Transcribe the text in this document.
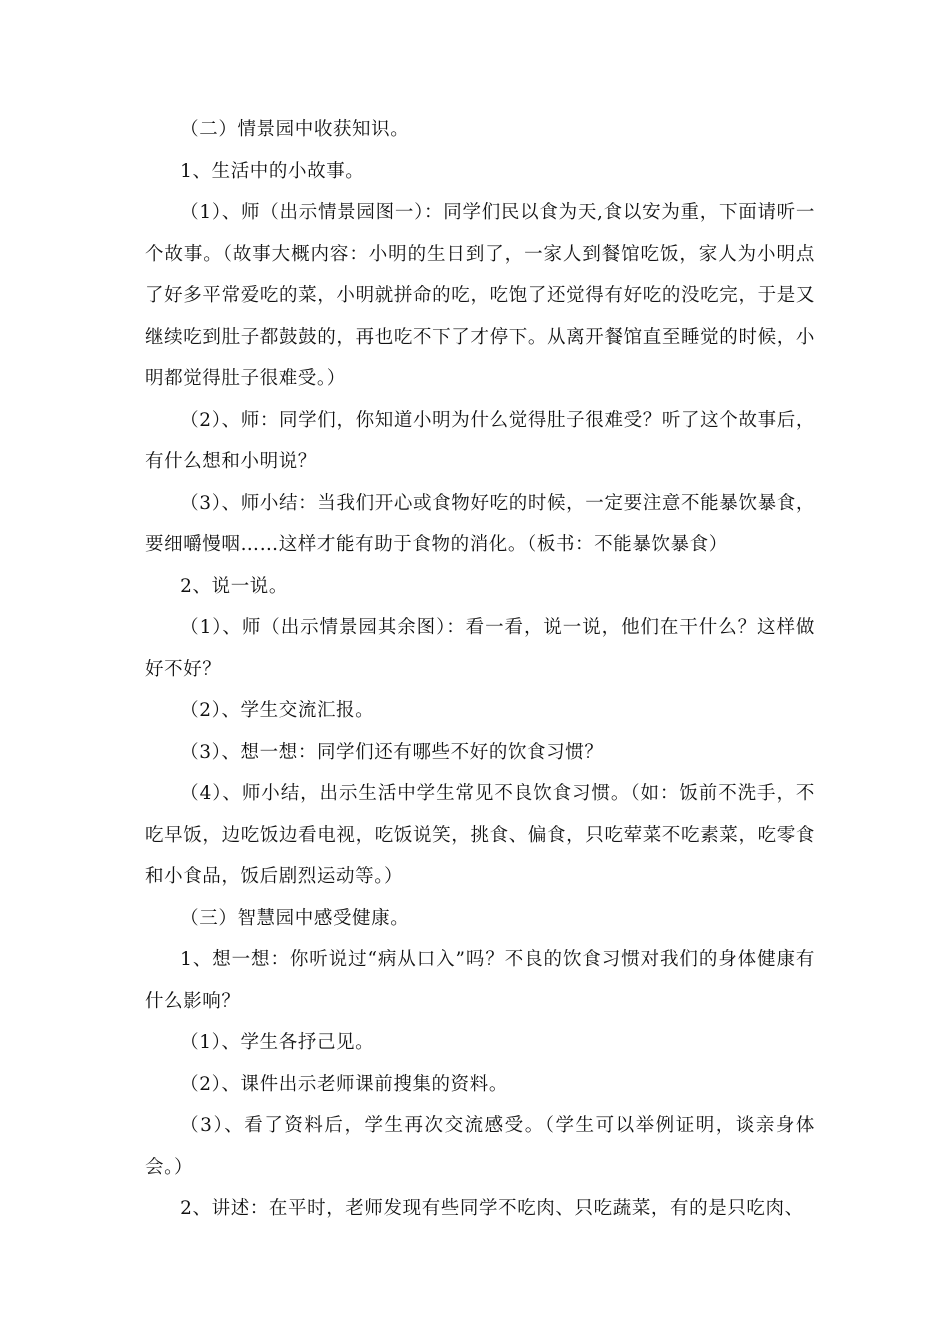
（二）情景园中收获知识。

1、生活中的小故事。

（1）、师（出示情景园图一）：同学们民以食为天,食以安为重，下面请听一个故事。（故事大概内容：小明的生日到了，一家人到餐馆吃饭，家人为小明点了好多平常爱吃的菜，小明就拼命的吃，吃饱了还觉得有好吃的没吃完，于是又继续吃到肚子都鼓鼓的，再也吃不下了才停下。从离开餐馆直至睡觉的时候，小明都觉得肚子很难受。）

（2）、师：同学们，你知道小明为什么觉得肚子很难受？听了这个故事后，有什么想和小明说？

（3）、师小结：当我们开心或食物好吃的时候，一定要注意不能暴饮暴食，要细嚼慢咽……这样才能有助于食物的消化。（板书：不能暴饮暴食）

2、说一说。

（1）、师（出示情景园其余图）：看一看，说一说，他们在干什么？这样做好不好？

（2）、学生交流汇报。

（3）、想一想：同学们还有哪些不好的饮食习惯？

（4）、师小结，出示生活中学生常见不良饮食习惯。（如：饭前不洗手，不吃早饭，边吃饭边看电视，吃饭说笑，挑食、偏食，只吃荤菜不吃素菜，吃零食和小食品，饭后剧烈运动等。）

（三）智慧园中感受健康。

1、想一想：你听说过“病从口入”吗？不良的饮食习惯对我们的身体健康有什么影响？

（1）、学生各抒己见。

（2）、课件出示老师课前搜集的资料。

（3）、看了资料后，学生再次交流感受。（学生可以举例证明，谈亲身体会。）

2、讲述：在平时，老师发现有些同学不吃肉、只吃蔬菜，有的是只吃肉、
